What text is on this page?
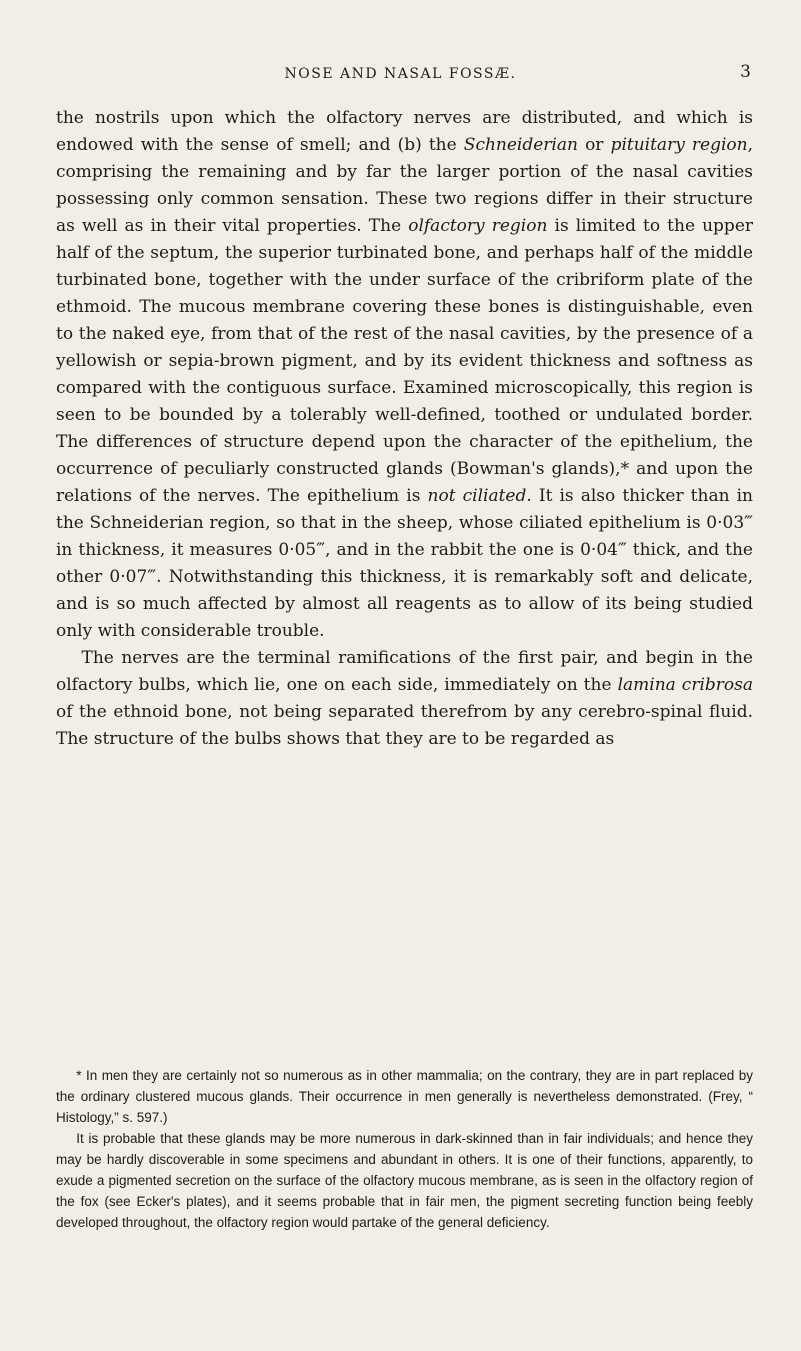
NOSE AND NASAL FOSSÆ.	3

the nostrils upon which the olfactory nerves are distributed, and which is endowed with the sense of smell; and (b) the Schneiderian or pituitary region, comprising the remaining and by far the larger portion of the nasal cavities possessing only common sensation. These two regions differ in their structure as well as in their vital properties. The olfactory region is limited to the upper half of the septum, the superior turbinated bone, and perhaps half of the middle turbinated bone, together with the under surface of the cribriform plate of the ethmoid. The mucous membrane covering these bones is distinguishable, even to the naked eye, from that of the rest of the nasal cavities, by the presence of a yellowish or sepia-brown pigment, and by its evident thickness and softness as compared with the contiguous surface. Examined microscopically, this region is seen to be bounded by a tolerably well-defined, toothed or undulated border. The differences of structure depend upon the character of the epithelium, the occurrence of peculiarly constructed glands (Bowman's glands),* and upon the relations of the nerves. The epithelium is not ciliated. It is also thicker than in the Schneiderian region, so that in the sheep, whose ciliated epithelium is 0·03‴ in thickness, it measures 0·05‴, and in the rabbit the one is 0·04‴ thick, and the other 0·07‴. Notwithstanding this thickness, it is remarkably soft and delicate, and is so much affected by almost all reagents as to allow of its being studied only with considerable trouble.

The nerves are the terminal ramifications of the first pair, and begin in the olfactory bulbs, which lie, one on each side, immediately on the lamina cribrosa of the ethnoid bone, not being separated therefrom by any cerebro-spinal fluid. The structure of the bulbs shows that they are to be regarded as

* In men they are certainly not so numerous as in other mammalia; on the contrary, they are in part replaced by the ordinary clustered mucous glands. Their occurrence in men generally is nevertheless demonstrated. (Frey, “ Histology,” s. 597.)

It is probable that these glands may be more numerous in dark-skinned than in fair individuals; and hence they may be hardly discoverable in some specimens and abundant in others. It is one of their functions, apparently, to exude a pigmented secretion on the surface of the olfactory mucous membrane, as is seen in the olfactory region of the fox (see Ecker's plates), and it seems probable that in fair men, the pigment secreting function being feebly developed throughout, the olfactory region would partake of the general deficiency.
